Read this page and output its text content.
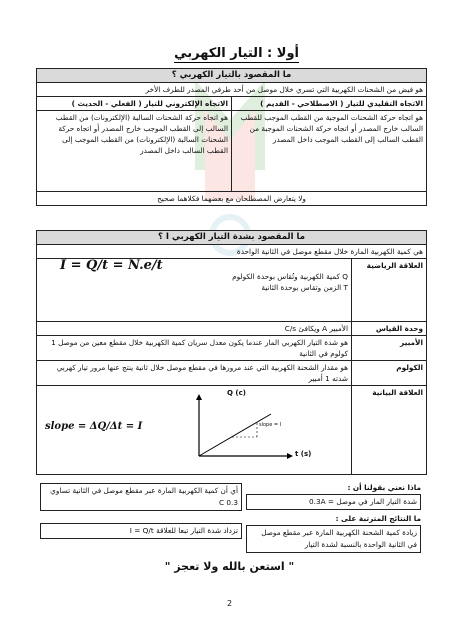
أولا : التيار الكهربي
ما المقصود بالتيار الكهربي ؟	
هو فيض من الشحنات الكهربية التي تسري خلال موصل من أحد طرفي المصدر للطرف الأخر	
الاتجاه التقليدي للتيار ( الاصطلاحي - القديم )	الاتجاه الإلكتروني للتيار ( الفعلي - الحديث )
هو اتجاه حركة الشحنات الموجبة من القطب الموجب للقطب السالب خارج المصدر أو اتجاه حركة الشحنات الموجبة من القطب السالب إلى القطب الموجب داخل المصدر	هو اتجاه حركة الشحنات السالبة (الإلكترونات) من القطب السالب إلى القطب الموجب خارج المصدر أو اتجاه حركة الشحنات السالبة (الإلكترونات) من القطب الموجب إلى القطب السالب داخل المصدر
ولا يتعارض المصطلحان مع بعضهما فكلاهما صحيح	
ما المقصود بشدة التيار الكهربي I ؟	
هي كمية الكهربية المارة خلال مقطع موصل في الثانية الواحدة	
العلاقة الرياضية	I = Q/t = N.e/t
Q كمية الكهربية وتُقاس بوحدة الكولوم
T الزمن وتقاس بوحدة الثانية

وحدة القياس	الأمبير A ويكافئ C/s
الأمبير	هو شدة التيار الكهربي المار عندما يكون معدل سريان كمية الكهربية خلال مقطع معين من موصل 1 كولوم في الثانية
الكولوم	هو مقدار الشحنة الكهربية التي عند مرورها في مقطع موصل خلال ثانية ينتج عنها مرور تيار كهربي شدته 1 أمبير
العلاقة البيانية	slope = ΔQ/Δt = I
Q (c)
t (s)
slope = I
ماذا نعني بقولنا أن :
شدة التيار المار في موصل = 0.3A
ما النتائج المترتبة على :
زيادة كمية الشحنة الكهربية المارة عبر مقطع موصل في الثانية الواحدة بالنسبة لشدة التيار
أي أن كمية الكهربية المارة عبر مقطع موصل في الثانية تساوي 0.3 C
تزداد شدة التيار تبعا للعلاقة I = Q/t
" استعن بالله ولا تعجز "
2
